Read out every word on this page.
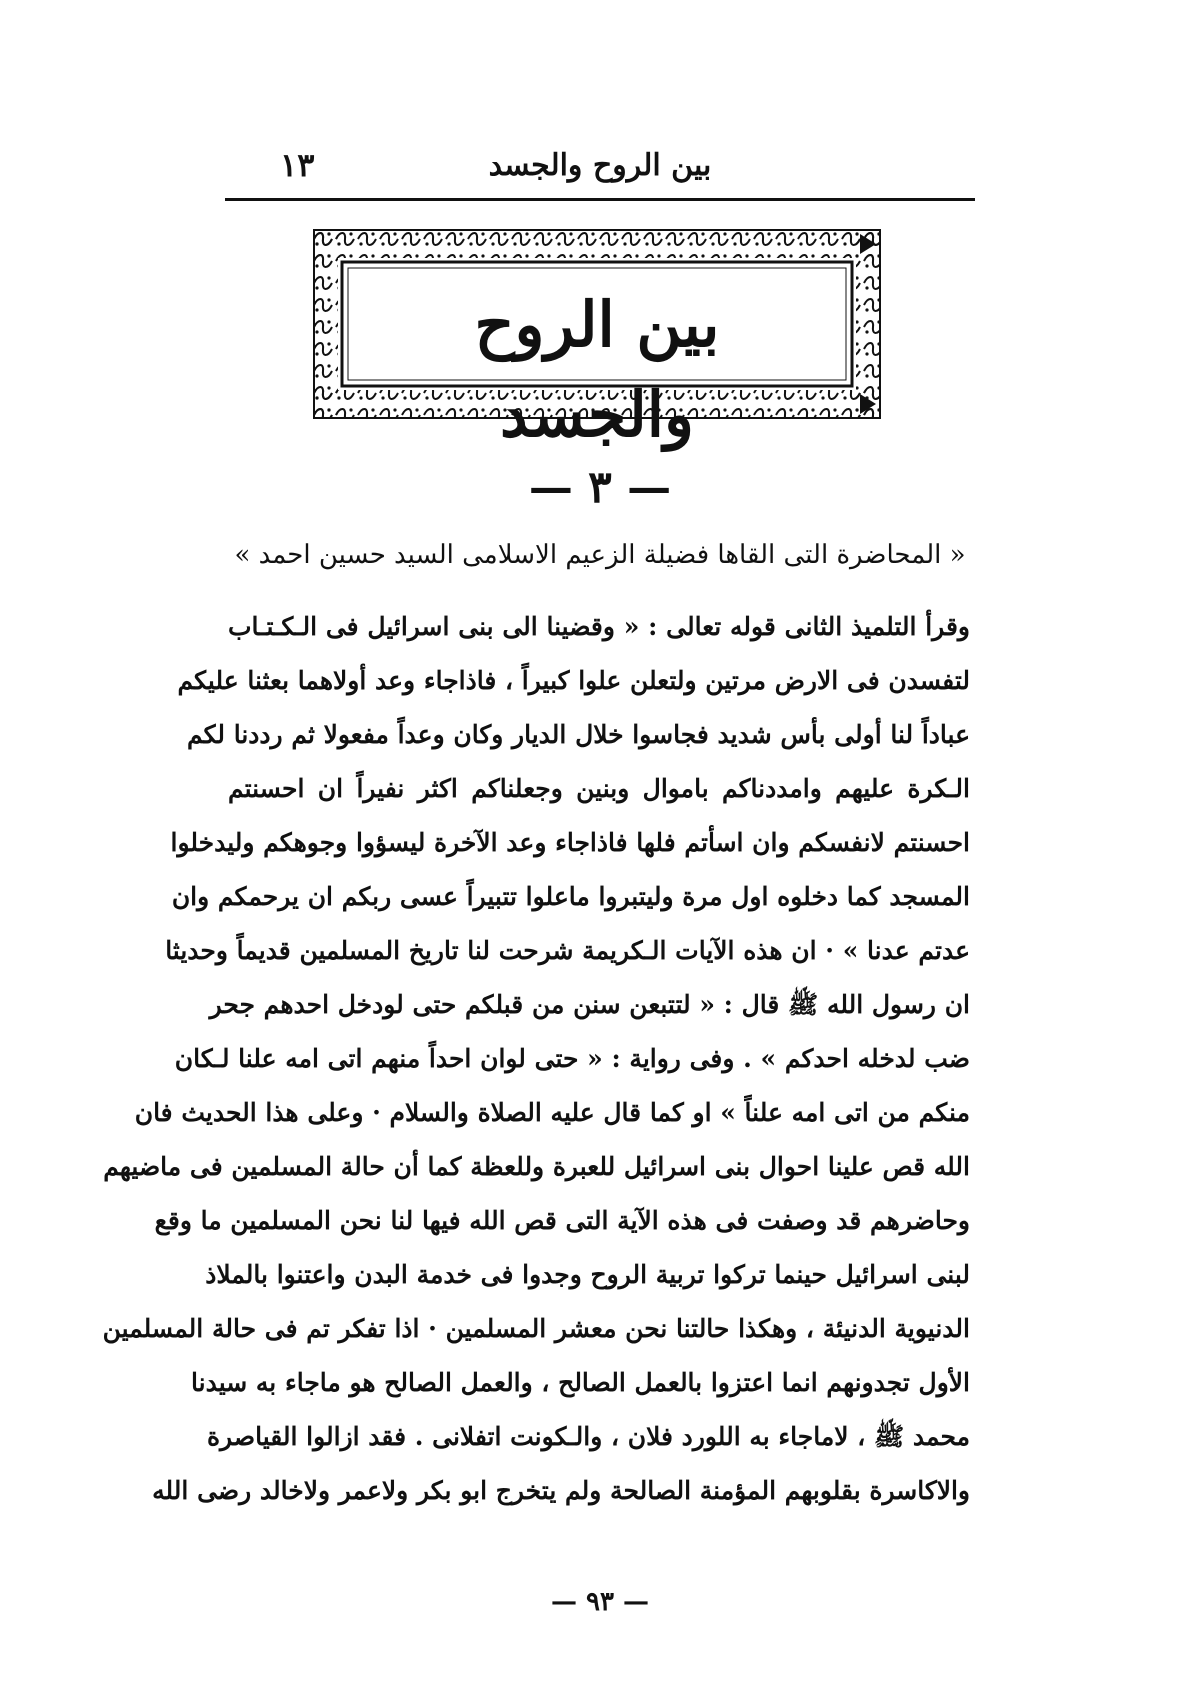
بين الروح والجسد
١٣
بين الروح والجسد
— ٣ —
« المحاضرة التى القاها فضيلة الزعيم الاسلامى السيد حسين احمد »
وقرأ التلميذ الثانى قوله تعالى : « وقضينا الى بنى اسرائيل فى الـكـتـاب
لتفسدن فى الارض مرتين ولتعلن علوا كبيراً ، فاذاجاء وعد أولاهما بعثنا عليكم
عباداً لنا أولى بأس شديد فجاسوا خلال الديار وكان وعداً مفعولا ثم رددنا لكم
الـكرة عليهم وامددناكم باموال وبنين وجعلناكم اكثر نفيراً ان احسنتم
احسنتم لانفسكم وان اسأتم فلها فاذاجاء وعد الآخرة ليسؤوا وجوهكم وليدخلوا
المسجد كما دخلوه اول مرة وليتبروا ماعلوا تتبيراً عسى ربكم ان يرحمكم وان
عدتم عدنا » · ان هذه الآيات الـكريمة شرحت لنا تاريخ المسلمين قديماً وحديثا
ان رسول الله ﷺ قال : « لتتبعن سنن من قبلكم حتى لودخل احدهم جحر
ضب لدخله احدكم » . وفى رواية : « حتى لوان احداً منهم اتى امه علنا لـكان
منكم من اتى امه علناً » او كما قال عليه الصلاة والسلام · وعلى هذا الحديث فان
الله قص علينا احوال بنى اسرائيل للعبرة وللعظة كما أن حالة المسلمين فى ماضيهم
وحاضرهم قد وصفت فى هذه الآية التى قص الله فيها لنا نحن المسلمين ما وقع
لبنى اسرائيل حينما تركوا تربية الروح وجدوا فى خدمة البدن واعتنوا بالملاذ
الدنيوية الدنيئة ، وهكذا حالتنا نحن معشر المسلمين · اذا تفكر تم فى حالة المسلمين
الأول تجدونهم انما اعتزوا بالعمل الصالح ، والعمل الصالح هو ماجاء به سيدنا
محمد ﷺ ، لاماجاء به اللورد فلان ، والـكونت اتفلانى . فقد ازالوا القياصرة
والاكاسرة بقلوبهم المؤمنة الصالحة ولم يتخرج ابو بكر ولاعمر ولاخالد رضى الله
— ٩٣ —
